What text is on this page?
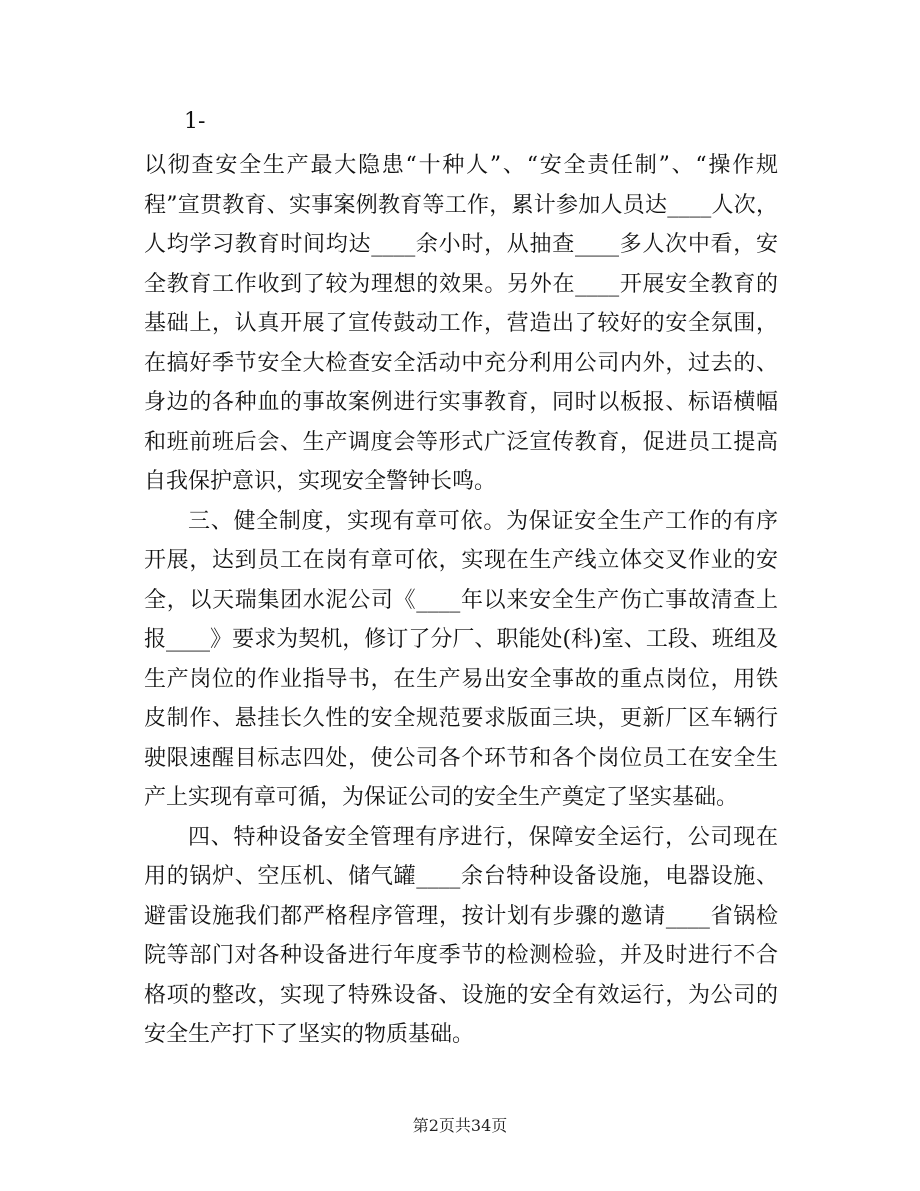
1-

以彻查安全生产最大隐患“十种人”、“安全责任制”、“操作规程”宣贯教育、实事案例教育等工作，累计参加人员达____人次，人均学习教育时间均达____余小时，从抽查____多人次中看，安全教育工作收到了较为理想的效果。另外在____开展安全教育的基础上，认真开展了宣传鼓动工作，营造出了较好的安全氛围，在搞好季节安全大检查安全活动中充分利用公司内外，过去的、身边的各种血的事故案例进行实事教育，同时以板报、标语横幅和班前班后会、生产调度会等形式广泛宣传教育，促进员工提高自我保护意识，实现安全警钟长鸣。

三、健全制度，实现有章可依。为保证安全生产工作的有序开展，达到员工在岗有章可依，实现在生产线立体交叉作业的安全，以天瑞集团水泥公司《____年以来安全生产伤亡事故清查上报____》要求为契机，修订了分厂、职能处(科)室、工段、班组及生产岗位的作业指导书，在生产易出安全事故的重点岗位，用铁皮制作、悬挂长久性的安全规范要求版面三块，更新厂区车辆行驶限速醒目标志四处，使公司各个环节和各个岗位员工在安全生产上实现有章可循，为保证公司的安全生产奠定了坚实基础。

四、特种设备安全管理有序进行，保障安全运行，公司现在用的锅炉、空压机、储气罐____余台特种设备设施，电器设施、避雷设施我们都严格程序管理，按计划有步骤的邀请____省锅检院等部门对各种设备进行年度季节的检测检验，并及时进行不合格项的整改，实现了特殊设备、设施的安全有效运行，为公司的安全生产打下了坚实的物质基础。

第2页共34页
